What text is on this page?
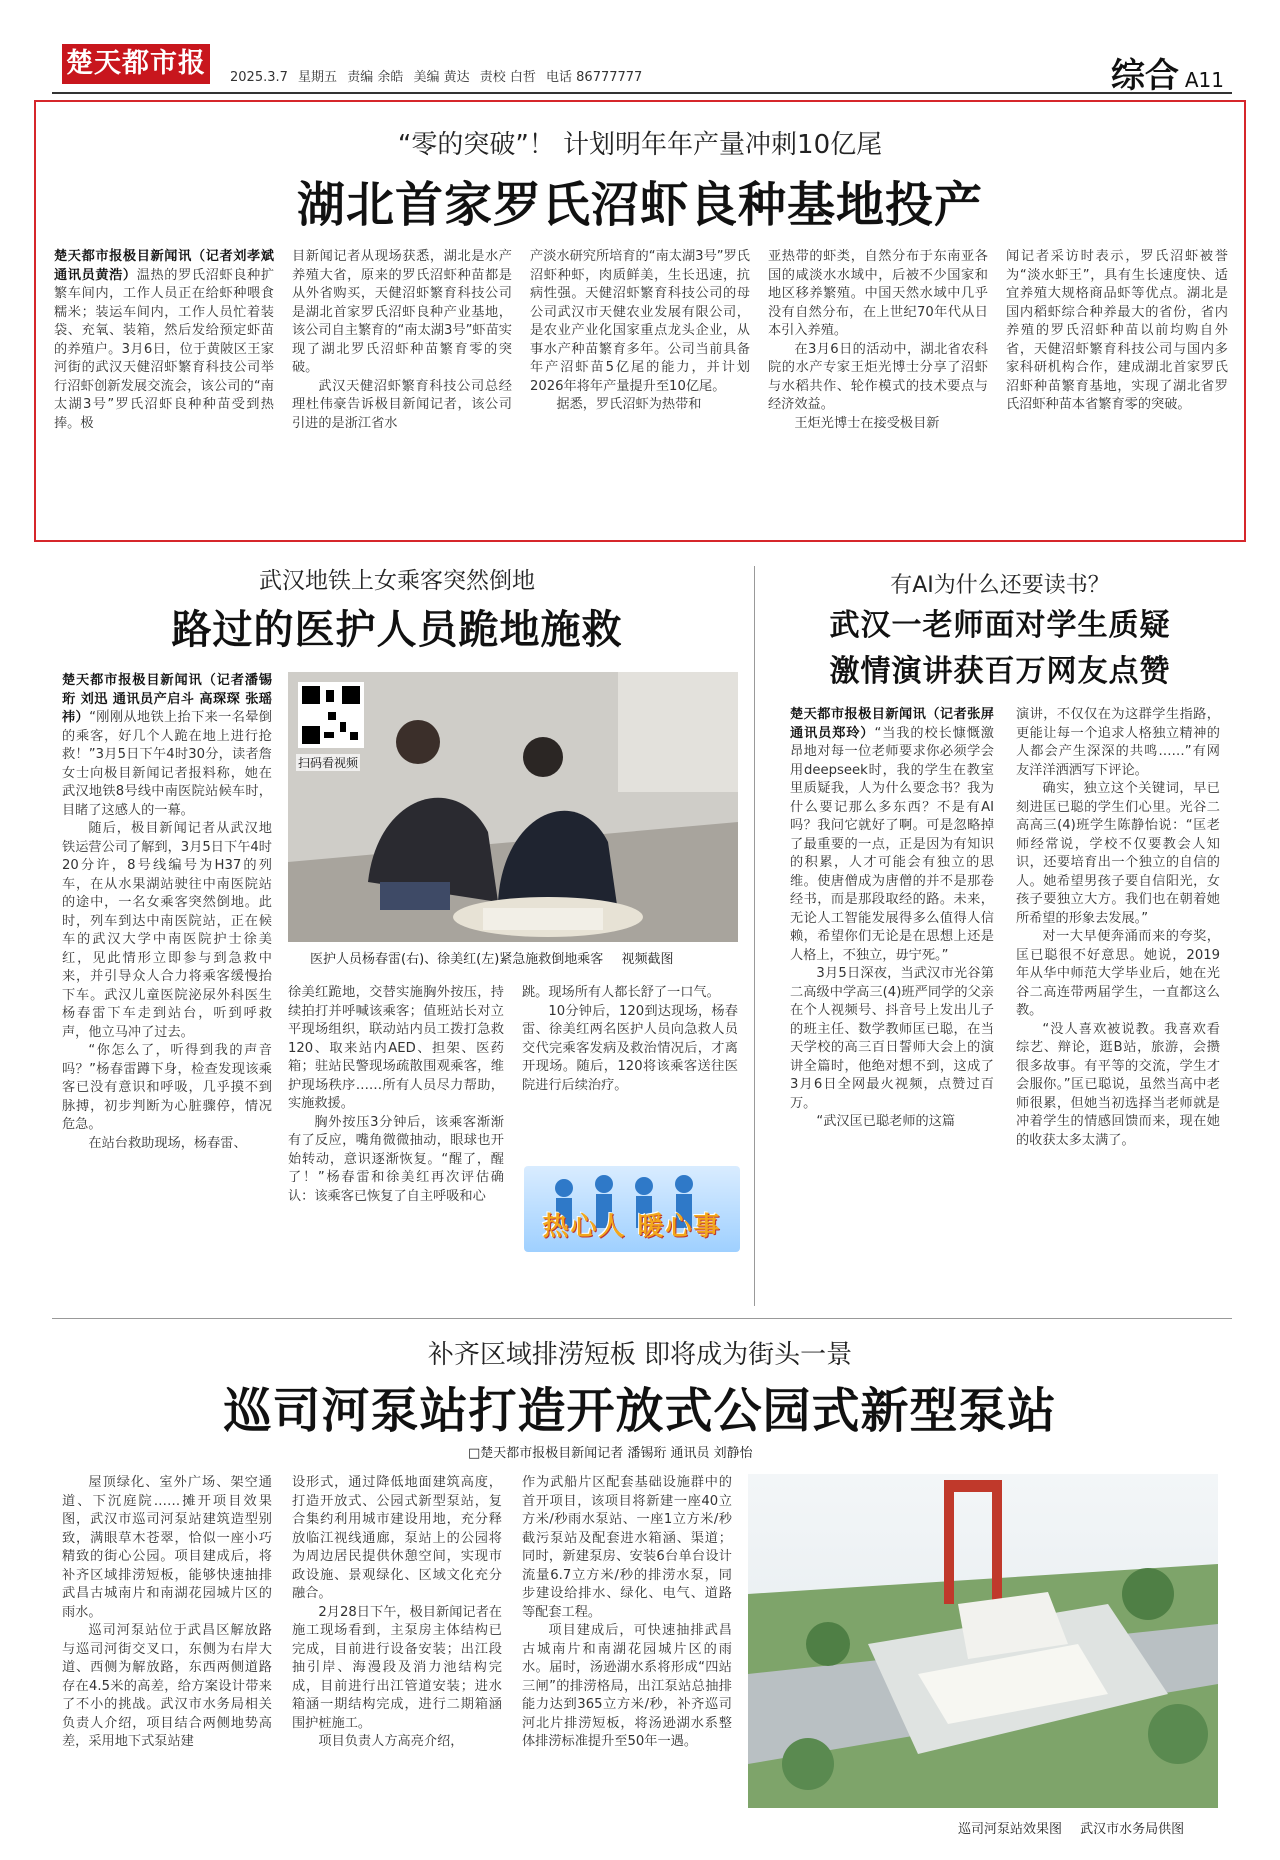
楚天都市报	2025.3.7 星期五 责编 余皓 美编 黄达 责校 白哲 电话 86777777	综合 A11
“零的突破”！ 计划明年年产量冲刺10亿尾
湖北首家罗氏沼虾良种基地投产

楚天都市报极目新闻讯（记者刘孝斌 通讯员黄浩）温热的罗氏沼虾良种扩繁车间内，工作人员正在给虾种喂食糯米；装运车间内，工作人员忙着装袋、充氧、装箱，然后发给预定虾苗的养殖户。3月6日，位于黄陂区王家河街的武汉天健沼虾繁育科技公司举行沼虾创新发展交流会，该公司的“南太湖3号”罗氏沼虾良种种苗受到热捧。极

目新闻记者从现场获悉，湖北是水产养殖大省，原来的罗氏沼虾种苗都是从外省购买，天健沼虾繁育科技公司是湖北首家罗氏沼虾良种产业基地，该公司自主繁育的“南太湖3号”虾苗实现了湖北罗氏沼虾种苗繁育零的突破。

武汉天健沼虾繁育科技公司总经理杜伟豪告诉极目新闻记者，该公司引进的是浙江省水

产淡水研究所培育的“南太湖3号”罗氏沼虾种虾，肉质鲜美，生长迅速，抗病性强。天健沼虾繁育科技公司的母公司武汉市天健农业发展有限公司，是农业产业化国家重点龙头企业，从事水产种苗繁育多年。公司当前具备年产沼虾苗5亿尾的能力，并计划2026年将年产量提升至10亿尾。

据悉，罗氏沼虾为热带和

亚热带的虾类，自然分布于东南亚各国的咸淡水水域中，后被不少国家和地区移养繁殖。中国天然水域中几乎没有自然分布，在上世纪70年代从日本引入养殖。

在3月6日的活动中，湖北省农科院的水产专家王炬光博士分享了沼虾与水稻共作、轮作模式的技术要点与经济效益。

王炬光博士在接受极目新

闻记者采访时表示，罗氏沼虾被誉为“淡水虾王”，具有生长速度快、适宜养殖大规格商品虾等优点。湖北是国内稻虾综合种养最大的省份，省内养殖的罗氏沼虾种苗以前均购自外省，天健沼虾繁育科技公司与国内多家科研机构合作，建成湖北首家罗氏沼虾种苗繁育基地，实现了湖北省罗氏沼虾种苗本省繁育零的突破。

武汉地铁上女乘客突然倒地
路过的医护人员跪地施救

楚天都市报极目新闻讯（记者潘锡珩 刘迅 通讯员产启斗 高琛琛 张瑶祎）“刚刚从地铁上抬下来一名晕倒的乘客，好几个人跪在地上进行抢救！”3月5日下午4时30分，读者詹女士向极目新闻记者报料称，她在武汉地铁8号线中南医院站候车时，目睹了这感人的一幕。

随后，极目新闻记者从武汉地铁运营公司了解到，3月5日下午4时20分许，8号线编号为H37的列车，在从水果湖站驶往中南医院站的途中，一名女乘客突然倒地。此时，列车到达中南医院站，正在候车的武汉大学中南医院护士徐美红，见此情形立即参与到急救中来，并引导众人合力将乘客缓慢抬下车。武汉儿童医院泌尿外科医生杨春雷下车走到站台，听到呼救声，他立马冲了过去。

“你怎么了，听得到我的声音吗？”杨春雷蹲下身，检查发现该乘客已没有意识和呼吸，几乎摸不到脉搏，初步判断为心脏骤停，情况危急。

在站台救助现场，杨春雷、

扫码看视频
医护人员杨春雷(右)、徐美红(左)紧急施救倒地乘客 视频截图

徐美红跪地，交替实施胸外按压，持续拍打并呼喊该乘客；值班站长对立平现场组织，联动站内员工拨打急救120、取来站内AED、担架、医药箱；驻站民警现场疏散围观乘客，维护现场秩序……所有人员尽力帮助，实施救援。

胸外按压3分钟后，该乘客渐渐有了反应，嘴角微微抽动，眼球也开始转动，意识逐渐恢复。“醒了，醒了！”杨春雷和徐美红再次评估确认：该乘客已恢复了自主呼吸和心

跳。现场所有人都长舒了一口气。

10分钟后，120到达现场，杨春雷、徐美红两名医护人员向急救人员交代完乘客发病及救治情况后，才离开现场。随后，120将该乘客送往医院进行后续治疗。

热心人 暖心事
有AI为什么还要读书？
武汉一老师面对学生质疑
激情演讲获百万网友点赞

楚天都市报极目新闻讯（记者张屏 通讯员郑玲）“当我的校长慷慨激昂地对每一位老师要求你必须学会用deepseek时，我的学生在教室里质疑我，人为什么要念书？我为什么要记那么多东西？不是有AI吗？我问它就好了啊。可是忽略掉了最重要的一点，正是因为有知识的积累，人才可能会有独立的思维。使唐僧成为唐僧的并不是那卷经书，而是那段取经的路。未来，无论人工智能发展得多么值得人信赖，希望你们无论是在思想上还是人格上，不独立，毋宁死。”

3月5日深夜，当武汉市光谷第二高级中学高三(4)班严同学的父亲在个人视频号、抖音号上发出儿子的班主任、数学教师匡已聪，在当天学校的高三百日誓师大会上的演讲全篇时，他绝对想不到，这成了3月6日全网最火视频，点赞过百万。

“武汉匡已聪老师的这篇

演讲，不仅仅在为这群学生指路，更能让每一个追求人格独立精神的人都会产生深深的共鸣……”有网友洋洋洒洒写下评论。

确实，独立这个关键词，早已刻进匡已聪的学生们心里。光谷二高高三(4)班学生陈静怡说：“匡老师经常说，学校不仅要教会人知识，还要培育出一个独立的自信的人。她希望男孩子要自信阳光，女孩子要独立大方。我们也在朝着她所希望的形象去发展。”

对一大早便奔涌而来的夸奖，匡已聪很不好意思。她说，2019年从华中师范大学毕业后，她在光谷二高连带两届学生，一直都这么教。

“没人喜欢被说教。我喜欢看综艺、辩论，逛B站，旅游，会攒很多故事。有平等的交流，学生才会服你。”匡已聪说，虽然当高中老师很累，但她当初选择当老师就是冲着学生的情感回馈而来，现在她的收获太多太满了。

补齐区域排涝短板 即将成为街头一景
巡司河泵站打造开放式公园式新型泵站
□楚天都市报极目新闻记者 潘锡珩 通讯员 刘静怡

屋顶绿化、室外广场、架空通道、下沉庭院……摊开项目效果图，武汉市巡司河泵站建筑造型别致，满眼草木苍翠，恰似一座小巧精致的街心公园。项目建成后，将补齐区域排涝短板，能够快速抽排武昌古城南片和南湖花园城片区的雨水。

巡司河泵站位于武昌区解放路与巡司河街交叉口，东侧为右岸大道、西侧为解放路，东西两侧道路存在4.5米的高差，给方案设计带来了不小的挑战。武汉市水务局相关负责人介绍，项目结合两侧地势高差，采用地下式泵站建

设形式，通过降低地面建筑高度，打造开放式、公园式新型泵站，复合集约利用城市建设用地，充分释放临江视线通廊，泵站上的公园将为周边居民提供休憩空间，实现市政设施、景观绿化、区域文化充分融合。

2月28日下午，极目新闻记者在施工现场看到，主泵房主体结构已完成，目前进行设备安装；出江段抽引岸、海漫段及消力池结构完成，目前进行出江管道安装；进水箱涵一期结构完成，进行二期箱涵围护桩施工。

项目负责人方高亮介绍，

作为武船片区配套基础设施群中的首开项目，该项目将新建一座40立方米/秒雨水泵站、一座1立方米/秒截污泵站及配套进水箱涵、渠道；同时，新建泵房、安装6台单台设计流量6.7立方米/秒的排涝水泵，同步建设给排水、绿化、电气、道路等配套工程。

项目建成后，可快速抽排武昌古城南片和南湖花园城片区的雨水。届时，汤逊湖水系将形成“四站三闸”的排涝格局，出江泵站总抽排能力达到365立方米/秒，补齐巡司河北片排涝短板，将汤逊湖水系整体排涝标准提升至50年一遇。

巡司河泵站效果图 武汉市水务局供图
